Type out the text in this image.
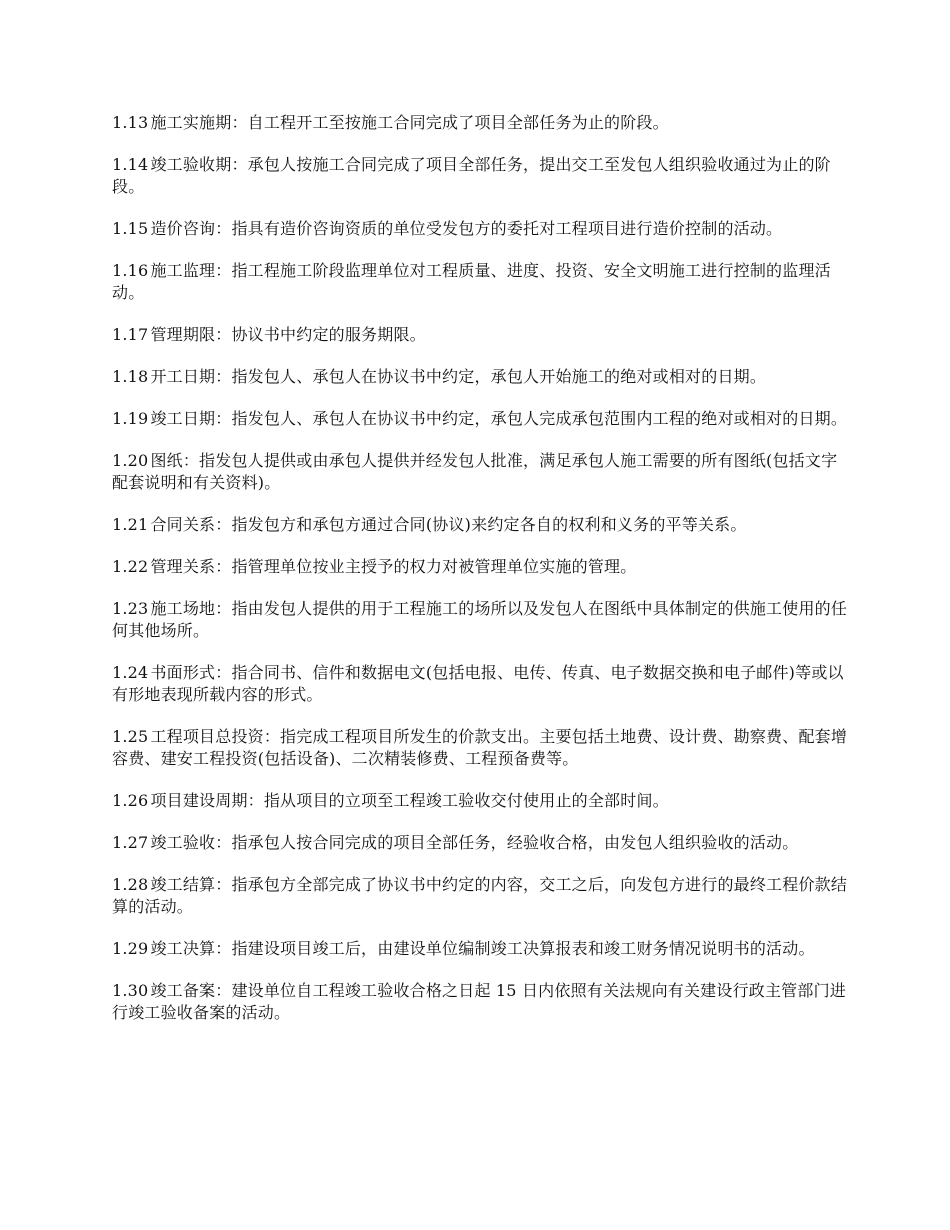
1.13 施工实施期：自工程开工至按施工合同完成了项目全部任务为止的阶段。

1.14 竣工验收期：承包人按施工合同完成了项目全部任务，提出交工至发包人组织验收通过为止的阶段。

1.15 造价咨询：指具有造价咨询资质的单位受发包方的委托对工程项目进行造价控制的活动。

1.16 施工监理：指工程施工阶段监理单位对工程质量、进度、投资、安全文明施工进行控制的监理活动。

1.17 管理期限：协议书中约定的服务期限。

1.18 开工日期：指发包人、承包人在协议书中约定，承包人开始施工的绝对或相对的日期。

1.19 竣工日期：指发包人、承包人在协议书中约定，承包人完成承包范围内工程的绝对或相对的日期。

1.20 图纸：指发包人提供或由承包人提供并经发包人批准，满足承包人施工需要的所有图纸(包括文字配套说明和有关资料)。

1.21 合同关系：指发包方和承包方通过合同(协议)来约定各自的权利和义务的平等关系。

1.22 管理关系：指管理单位按业主授予的权力对被管理单位实施的管理。

1.23 施工场地：指由发包人提供的用于工程施工的场所以及发包人在图纸中具体制定的供施工使用的任何其他场所。

1.24 书面形式：指合同书、信件和数据电文(包括电报、电传、传真、电子数据交换和电子邮件)等或以有形地表现所载内容的形式。

1.25 工程项目总投资：指完成工程项目所发生的价款支出。主要包括土地费、设计费、勘察费、配套增容费、建安工程投资(包括设备)、二次精装修费、工程预备费等。

1.26 项目建设周期：指从项目的立项至工程竣工验收交付使用止的全部时间。

1.27 竣工验收：指承包人按合同完成的项目全部任务，经验收合格，由发包人组织验收的活动。

1.28 竣工结算：指承包方全部完成了协议书中约定的内容，交工之后，向发包方进行的最终工程价款结算的活动。

1.29 竣工决算：指建设项目竣工后，由建设单位编制竣工决算报表和竣工财务情况说明书的活动。

1.30 竣工备案：建设单位自工程竣工验收合格之日起 15 日内依照有关法规向有关建设行政主管部门进行竣工验收备案的活动。
